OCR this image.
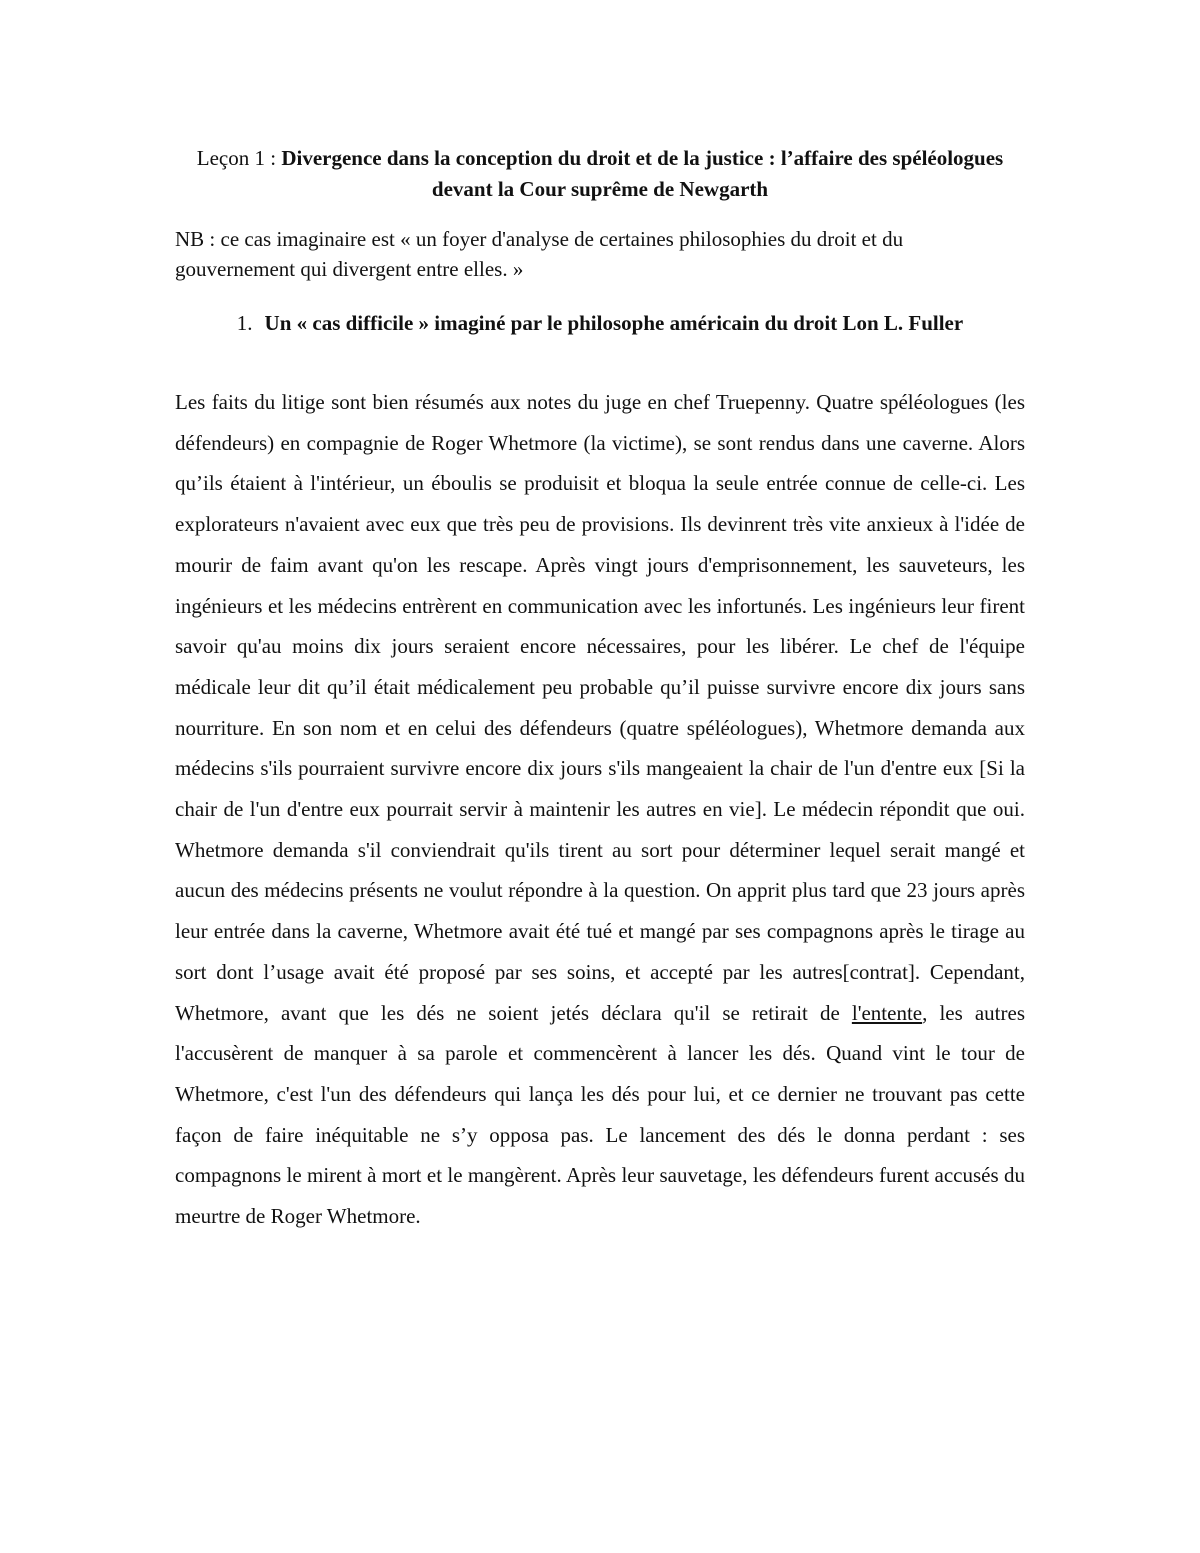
Leçon 1 : Divergence dans la conception du droit et de la justice : l’affaire des spéléologues devant la Cour suprême de Newgarth
NB : ce cas imaginaire est « un foyer d'analyse de certaines philosophies du droit et du gouvernement qui divergent entre elles. »
1. Un « cas difficile » imaginé par le philosophe américain du droit Lon L. Fuller
Les faits du litige sont bien résumés aux notes du juge en chef Truepenny. Quatre spéléologues (les défendeurs) en compagnie de Roger Whetmore (la victime), se sont rendus dans une caverne. Alors qu’ils étaient à l'intérieur, un éboulis se produisit et bloqua la seule entrée connue de celle-ci. Les explorateurs n'avaient avec eux que très peu de provisions. Ils devinrent très vite anxieux à l'idée de mourir de faim avant qu'on les rescape. Après vingt jours d'emprisonnement, les sauveteurs, les ingénieurs et les médecins entrèrent en communication avec les infortunés. Les ingénieurs leur firent savoir qu'au moins dix jours seraient encore nécessaires, pour les libérer. Le chef de l'équipe médicale leur dit qu’il était médicalement peu probable qu’il puisse survivre encore dix jours sans nourriture. En son nom et en celui des défendeurs (quatre spéléologues), Whetmore demanda aux médecins s'ils pourraient survivre encore dix jours s'ils mangeaient la chair de l'un d'entre eux [Si la chair de l'un d'entre eux pourrait servir à maintenir les autres en vie]. Le médecin répondit que oui. Whetmore demanda s'il conviendrait qu'ils tirent au sort pour déterminer lequel serait mangé et aucun des médecins présents ne voulut répondre à la question. On apprit plus tard que 23 jours après leur entrée dans la caverne, Whetmore avait été tué et mangé par ses compagnons après le tirage au sort dont l’usage avait été proposé par ses soins, et accepté par les autres[contrat]. Cependant, Whetmore, avant que les dés ne soient jetés déclara qu'il se retirait de l'entente, les autres l'accusèrent de manquer à sa parole et commencèrent à lancer les dés. Quand vint le tour de Whetmore, c'est l'un des défendeurs qui lança les dés pour lui, et ce dernier ne trouvant pas cette façon de faire inéquitable ne s’y opposa pas. Le lancement des dés le donna perdant : ses compagnons le mirent à mort et le mangèrent. Après leur sauvetage, les défendeurs furent accusés du meurtre de Roger Whetmore.
